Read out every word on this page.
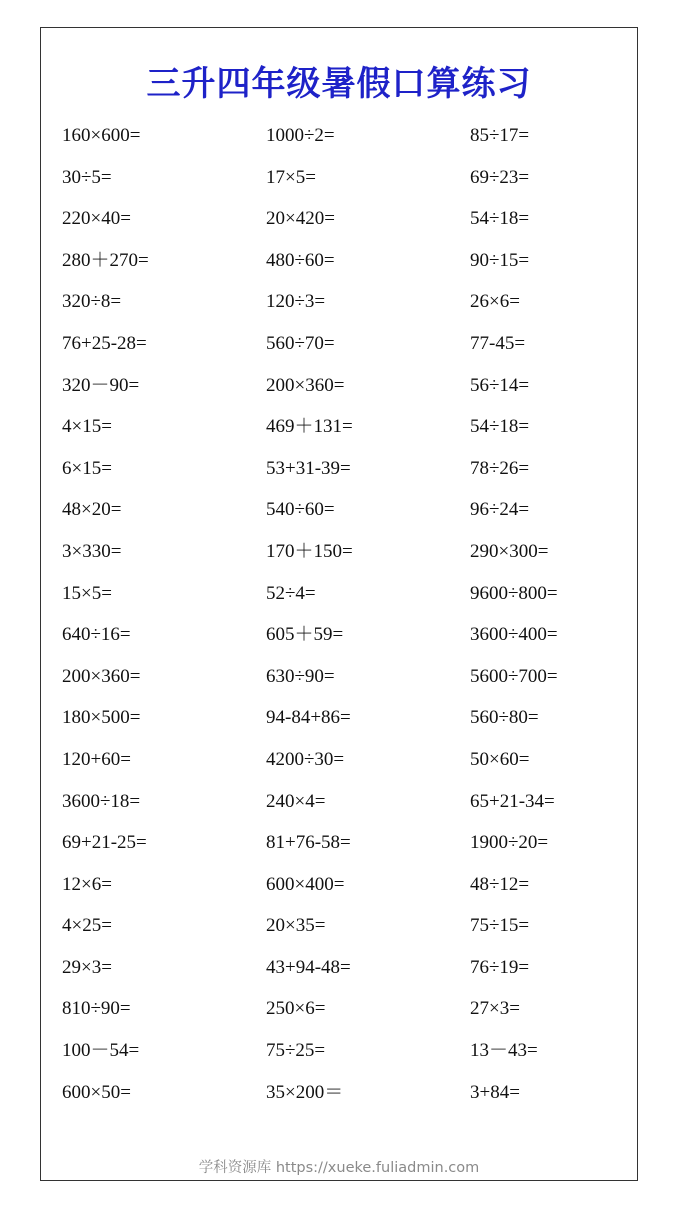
三升四年级暑假口算练习
160×600=	1000÷2=	85÷17=
30÷5=	17×5=	69÷23=
220×40=	20×420=	54÷18=
280＋270=	480÷60=	90÷15=
320÷8=	120÷3=	26×6=
76+25-28=	560÷70=	77-45=
320－90=	200×360=	56÷14=
4×15=	469＋131=	54÷18=
6×15=	53+31-39=	78÷26=
48×20=	540÷60=	96÷24=
3×330=	170＋150=	290×300=
15×5=	52÷4=	9600÷800=
640÷16=	605＋59=	3600÷400=
200×360=	630÷90=	5600÷700=
180×500=	94-84+86=	560÷80=
120+60=	4200÷30=	50×60=
3600÷18=	240×4=	65+21-34=
69+21-25=	81+76-58=	1900÷20=
12×6=	600×400=	48÷12=
4×25=	20×35=	75÷15=
29×3=	43+94-48=	76÷19=
810÷90=	250×6=	27×3=
100－54=	75÷25=	13－43=
600×50=	35×200＝	3+84=
学科资源库 https://xueke.fuliadmin.com
